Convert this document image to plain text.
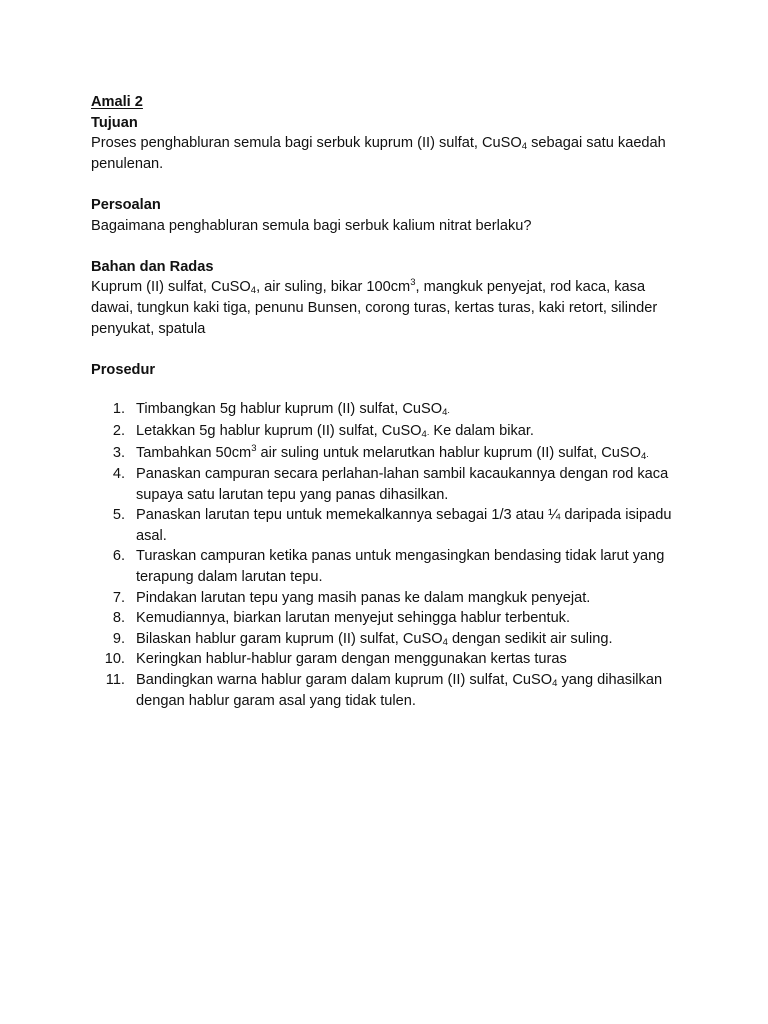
Amali 2
Tujuan

Proses penghabluran semula bagi serbuk kuprum (II) sulfat, CuSO$_4$ sebagai satu kaedah penulenan.

Persoalan

Bagaimana penghabluran semula bagi serbuk kalium nitrat berlaku?

Bahan dan Radas

Kuprum (II) sulfat, CuSO$_4$, air suling, bikar $100cm^3$, mangkuk penyejat, rod kaca, kasa dawai, tungkun kaki tiga, penunu Bunsen, corong turas, kertas turas, kaki retort, silinder penyukat, spatula

Prosedur
1. Timbangkan 5g hablur kuprum (II) sulfat, CuSO$_4$.
2. Letakkan 5g hablur kuprum (II) sulfat, CuSO$_4$. Ke dalam bikar.
3. Tambahkan $50cm^3$ air suling untuk melarutkan hablur kuprum (II) sulfat, CuSO$_4$.
4. Panaskan campuran secara perlahan-lahan sambil kacaukannya dengan rod kaca supaya satu larutan tepu yang panas dihasilkan.
5. Panaskan larutan tepu untuk memekalkannya sebagai 1/3 atau ¼ daripada isipadu asal.
6. Turaskan campuran ketika panas untuk mengasingkan bendasing tidak larut yang terapung dalam larutan tepu.
7. Pindakan larutan tepu yang masih panas ke dalam mangkuk penyejat.
8. Kemudiannya, biarkan larutan menyejut sehingga hablur terbentuk.
9. Bilaskan hablur garam kuprum (II) sulfat, CuSO$_4$ dengan sedikit air suling.
10. Keringkan hablur-hablur garam dengan menggunakan kertas turas
11. Bandingkan warna hablur garam dalam kuprum (II) sulfat, CuSO$_4$ yang dihasilkan dengan hablur garam asal yang tidak tulen.
